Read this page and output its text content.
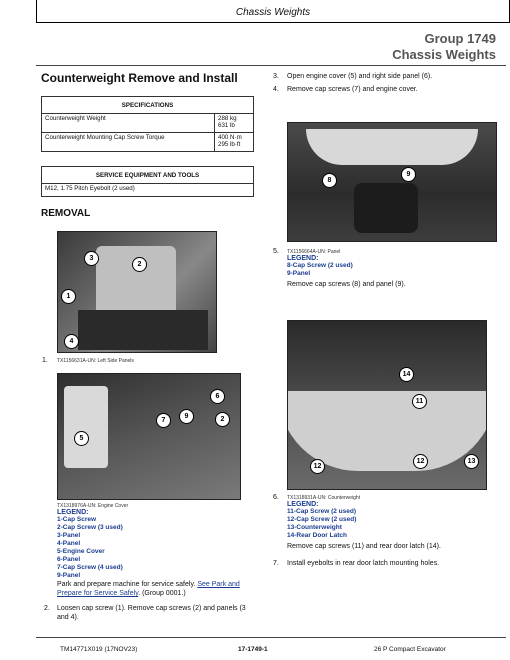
Chassis Weights
Group 1749
Chassis Weights
Counterweight Remove and Install
SPECIFICATIONS	
Counterweight Weight	288 kg
631 lb
Counterweight Mounting Cap Screw Torque	400 N·m
295 lb·ft
SERVICE EQUIPMENT AND TOOLS
M12, 1.75 Pitch Eyebolt (2 used)
REMOVAL
3
2
1
4
1. TX1156631A-UN: Left Side Panels
5
7
9
6
2
TX1318976A-UN: Engine Cover
LEGEND:
1-Cap Screw
2-Cap Screw (3 used)
3-Panel
4-Panel
5-Engine Cover
6-Panel
7-Cap Screw (4 used)
9-Panel
Park and prepare machine for service safely. See Park and Prepare for Service Safely. (Group 0001.)
2. Loosen cap screw (1). Remove cap screws (2) and panels (3 and 4).
3. Open engine cover (5) and right side panel (6).
4. Remove cap screws (7) and engine cover.
8
9
5. TX1156664A-UN: Panel
LEGEND:
8-Cap Screw (2 used)
9-Panel
Remove cap screws (8) and panel (9).
14
11
12
12	13
6. TX1318931A-UN: Counterweight
LEGEND:
11-Cap Screw (2 used)
12-Cap Screw (2 used)
13-Counterweight
14-Rear Door Latch
Remove cap screws (11) and rear door latch (14).
7. Install eyebolts in rear door latch mounting holes.
TM14771X019 (17NOV23)	17-1749-1	26 P Compact Excavator
